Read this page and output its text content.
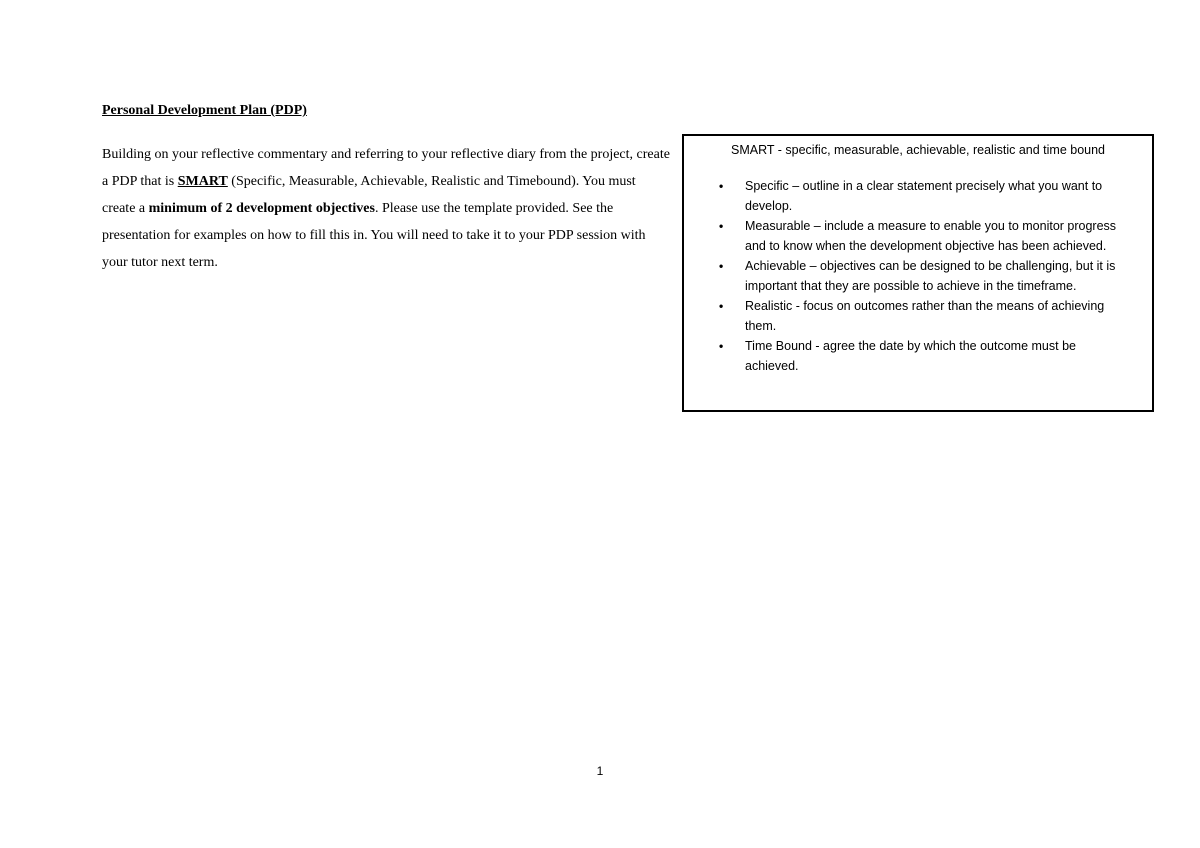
Personal Development Plan (PDP)

Building on your reflective commentary and referring to your reflective diary from the project, create a PDP that is SMART (Specific, Measurable, Achievable, Realistic and Timebound). You must create a minimum of 2 development objectives. Please use the template provided. See the presentation for examples on how to fill this in. You will need to take it to your PDP session with your tutor next term.

SMART - specific, measurable, achievable, realistic and time bound

• Specific – outline in a clear statement precisely what you want to develop.
• Measurable – include a measure to enable you to monitor progress and to know when the development objective has been achieved.
• Achievable – objectives can be designed to be challenging, but it is important that they are possible to achieve in the timeframe.
• Realistic - focus on outcomes rather than the means of achieving them.
• Time Bound - agree the date by which the outcome must be achieved.

1
